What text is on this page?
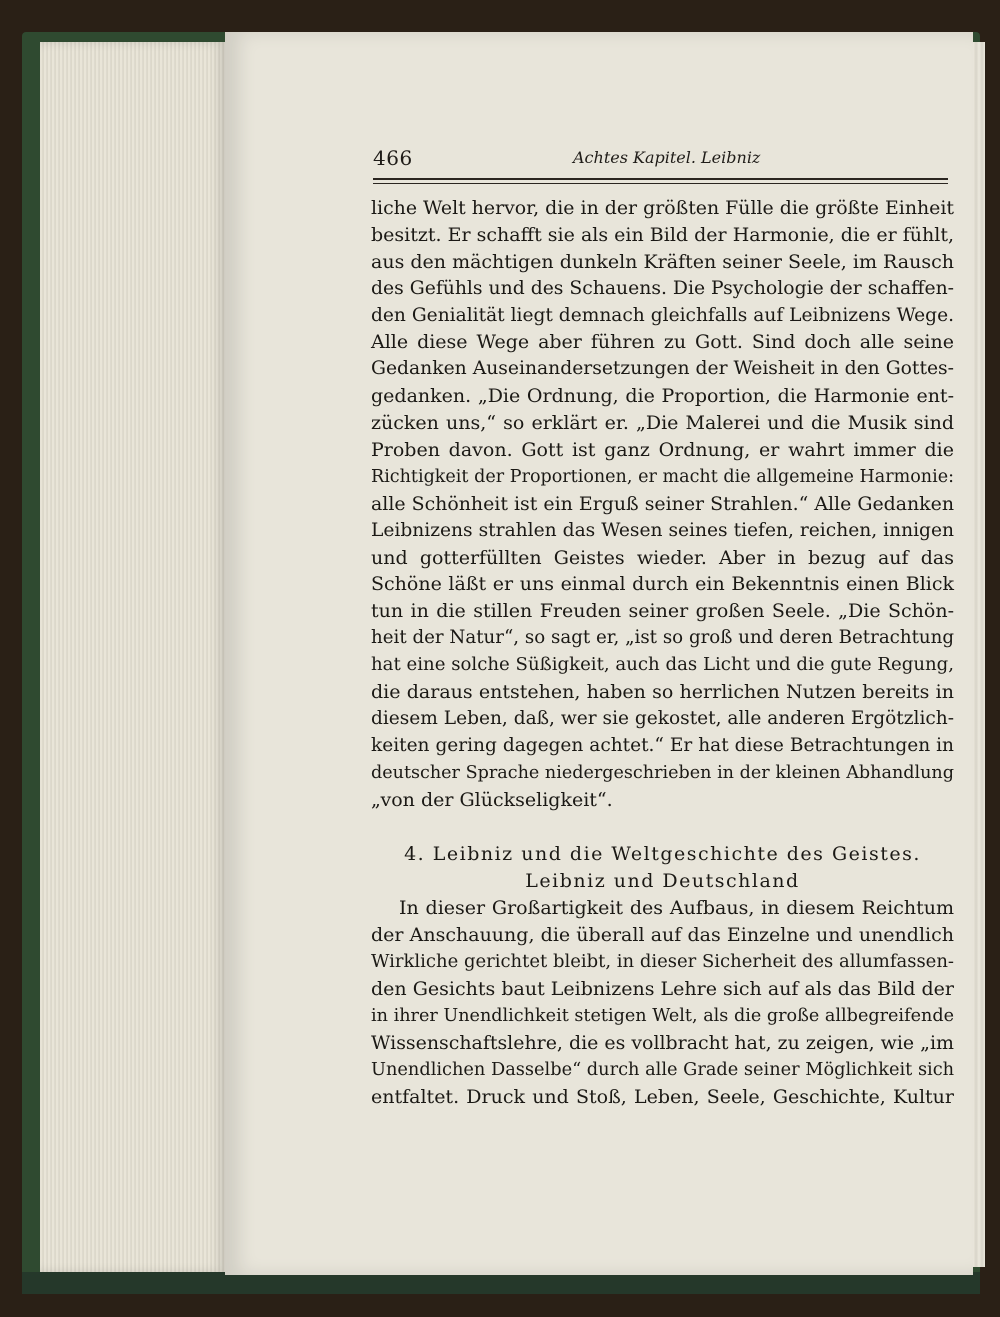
466	Achtes Kapitel. Leibniz
liche Welt hervor, die in der größten Fülle die größte Einheit
besitzt. Er schafft sie als ein Bild der Harmonie, die er fühlt,
aus den mächtigen dunkeln Kräften seiner Seele, im Rausch
des Gefühls und des Schauens. Die Psychologie der schaffen-
den Genialität liegt demnach gleichfalls auf Leibnizens Wege.
Alle diese Wege aber führen zu Gott. Sind doch alle seine
Gedanken Auseinandersetzungen der Weisheit in den Gottes-
gedanken. „Die Ordnung, die Proportion, die Harmonie ent-
zücken uns,“ so erklärt er. „Die Malerei und die Musik sind
Proben davon. Gott ist ganz Ordnung, er wahrt immer die
Richtigkeit der Proportionen, er macht die allgemeine Harmonie:
alle Schönheit ist ein Erguß seiner Strahlen.“ Alle Gedanken
Leibnizens strahlen das Wesen seines tiefen, reichen, innigen
und gotterfüllten Geistes wieder. Aber in bezug auf das
Schöne läßt er uns einmal durch ein Bekenntnis einen Blick
tun in die stillen Freuden seiner großen Seele. „Die Schön-
heit der Natur“, so sagt er, „ist so groß und deren Betrachtung
hat eine solche Süßigkeit, auch das Licht und die gute Regung,
die daraus entstehen, haben so herrlichen Nutzen bereits in
diesem Leben, daß, wer sie gekostet, alle anderen Ergötzlich-
keiten gering dagegen achtet.“ Er hat diese Betrachtungen in
deutscher Sprache niedergeschrieben in der kleinen Abhandlung
„von der Glückseligkeit“.
4. Leibniz und die Weltgeschichte des Geistes.
Leibniz und Deutschland
In dieser Großartigkeit des Aufbaus, in diesem Reichtum
der Anschauung, die überall auf das Einzelne und unendlich
Wirkliche gerichtet bleibt, in dieser Sicherheit des allumfassen-
den Gesichts baut Leibnizens Lehre sich auf als das Bild der
in ihrer Unendlichkeit stetigen Welt, als die große allbegreifende
Wissenschaftslehre, die es vollbracht hat, zu zeigen, wie „im
Unendlichen Dasselbe“ durch alle Grade seiner Möglichkeit sich
entfaltet. Druck und Stoß, Leben, Seele, Geschichte, Kultur
